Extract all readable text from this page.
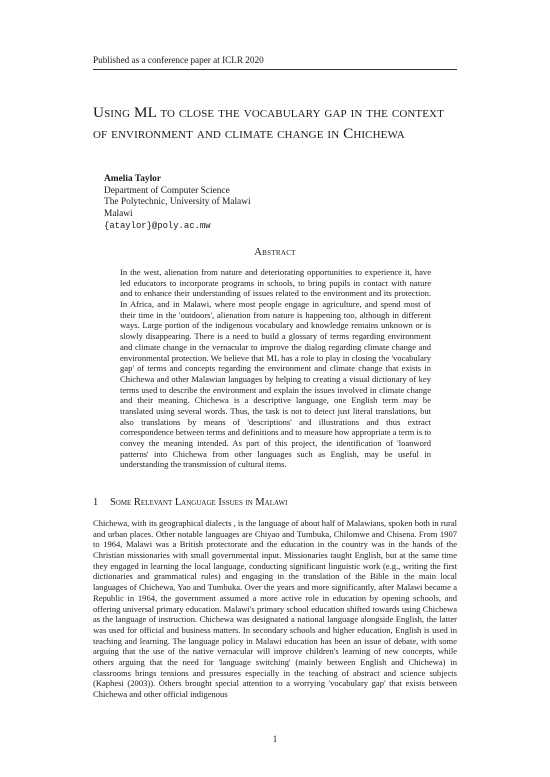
Published as a conference paper at ICLR 2020
Using ML to close the vocabulary gap in the context of environment and climate change in Chichewa
Amelia Taylor
Department of Computer Science
The Polytechnic, University of Malawi
Malawi
{ataylor}@poly.ac.mw
Abstract
In the west, alienation from nature and deteriorating opportunities to experience it, have led educators to incorporate programs in schools, to bring pupils in contact with nature and to enhance their understanding of issues related to the environment and its protection. In Africa, and in Malawi, where most people engage in agriculture, and spend most of their time in the 'outdoors', alienation from nature is happening too, although in different ways. Large portion of the indigenous vocabulary and knowledge remains unknown or is slowly disappearing. There is a need to build a glossary of terms regarding environment and climate change in the vernacular to improve the dialog regarding climate change and environmental protection. We believe that ML has a role to play in closing the 'vocabulary gap' of terms and concepts regarding the environment and climate change that exists in Chichewa and other Malawian languages by helping to creating a visual dictionary of key terms used to describe the environment and explain the issues involved in climate change and their meaning. Chichewa is a descriptive language, one English term may be translated using several words. Thus, the task is not to detect just literal translations, but also translations by means of 'descriptions' and illustrations and thus extract correspondence between terms and definitions and to measure how appropriate a term is to convey the meaning intended. As part of this project, the identification of 'loanword patterns' into Chichewa from other languages such as English, may be useful in understanding the transmission of cultural items.
1 Some Relevant Language Issues in Malawi
Chichewa, with its geographical dialects , is the language of about half of Malawians, spoken both in rural and urban places. Other notable languages are Chiyao and Tumbuka, Chilomwe and Chisena. From 1907 to 1964, Malawi was a British protectorate and the education in the country was in the hands of the Christian missionaries with small governmental input. Missionaries taught English, but at the same time they engaged in learning the local language, conducting significant linguistic work (e.g., writing the first dictionaries and grammatical rules) and engaging in the translation of the Bible in the main local languages of Chichewa, Yao and Tumbuka. Over the years and more significantly, after Malawi became a Republic in 1964, the government assumed a more active role in education by opening schools, and offering universal primary education. Malawi's primary school education shifted towards using Chichewa as the language of instruction. Chichewa was designated a national language alongside English, the latter was used for official and business matters. In secondary schools and higher education, English is used in teaching and learning. The language policy in Malawi education has been an issue of debate, with some arguing that the use of the native vernacular will improve children's learning of new concepts, while others arguing that the need for 'language switching' (mainly between English and Chichewa) in classrooms brings tensions and pressures especially in the teaching of abstract and science subjects (Kaphesi (2003)). Others brought special attention to a worrying 'vocabulary gap' that exists between Chichewa and other official indigenous
1
